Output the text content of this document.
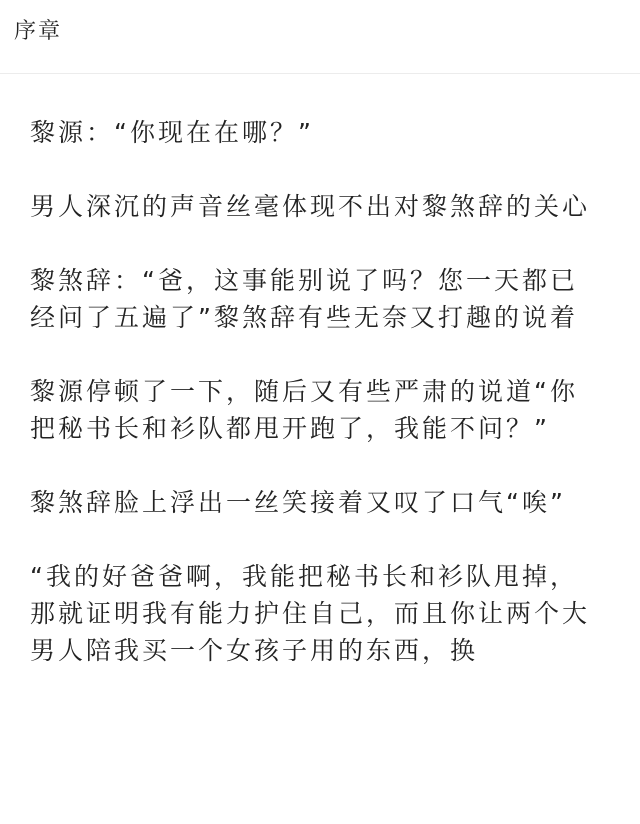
序章

黎源：“你现在在哪？”

男人深沉的声音丝毫体现不出对黎煞辞的关心

黎煞辞：“爸，这事能别说了吗？您一天都已经问了五遍了”黎煞辞有些无奈又打趣的说着

黎源停顿了一下，随后又有些严肃的说道“你把秘书长和衫队都甩开跑了，我能不问？”

黎煞辞脸上浮出一丝笑接着又叹了口气“唉”

“我的好爸爸啊，我能把秘书长和衫队甩掉，那就证明我有能力护住自己，而且你让两个大男人陪我买一个女孩子用的东西，换
